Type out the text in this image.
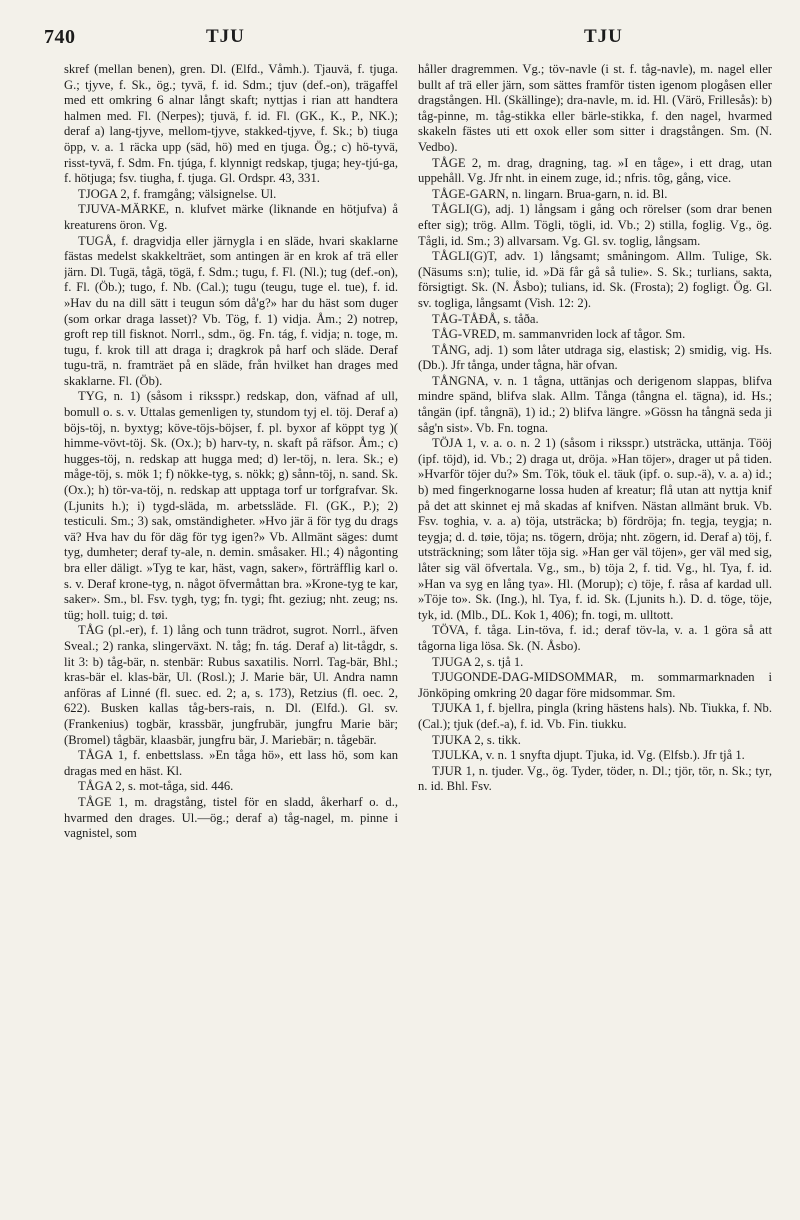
740	TJU	TJU

skref (mellan benen), gren. Dl. (Elfd., Våmh.). Tjauvä, f. tjuga. G.; tjyve, f. Sk., ög.; tyvä, f. id. Sdm.; tjuv (def.-on), trägaffel med ett omkring 6 alnar långt skaft; nyttjas i rian att handtera halmen med. Fl. (Nerpes); tjuvä, f. id. Fl. (GK., K., P., NK.); deraf a) lang-tjyve, mellom-tjyve, stakked-tjyve, f. Sk.; b) tiuga öpp, v. a. 1 räcka upp (säd, hö) med en tjuga. Ög.; c) hö-tyvä, risst-tyvä, f. Sdm. Fn. tjúga, f. klynnigt redskap, tjuga; hey-tjú-ga, f. hötjuga; fsv. tiugha, f. tjuga. Gl. Ordspr. 43, 331.

TJOGA 2, f. framgång; välsignelse. Ul.

TJUVA-MÄRKE, n. klufvet märke (liknande en hötjufva) å kreaturens öron. Vg.

TUGÅ, f. dragvidja eller järnygla i en släde, hvari skaklarne fästas medelst skakkelträet, som antingen är en krok af trä eller järn. Dl. Tugä, tågä, tögä, f. Sdm.; tugu, f. Fl. (Nl.); tug (def.-on), f. Fl. (Öb.); tugo, f. Nb. (Cal.); tugu (teugu, tuge el. tue), f. id. »Hav du na dill sätt i teugun sóm då'g?» har du häst som duger (som orkar draga lasset)? Vb. Tög, f. 1) vidja. Åm.; 2) notrep, groft rep till fisknot. Norrl., sdm., ög. Fn. tág, f. vidja; n. toge, m. tugu, f. krok till att draga i; dragkrok på harf och släde. Deraf tugu-trä, n. framträet på en släde, från hvilket han drages med skaklarne. Fl. (Öb).

TYG, n. 1) (såsom i riksspr.) redskap, don, väfnad af ull, bomull o. s. v. Uttalas gemenligen ty, stundom tyj el. töj. Deraf a) böjs-töj, n. byxtyg; köve-töjs-böjser, f. pl. byxor af köppt tyg )( himme-vövt-töj. Sk. (Ox.); b) harv-ty, n. skaft på räfsor. Åm.; c) hugges-töj, n. redskap att hugga med; d) ler-töj, n. lera. Sk.; e) måge-töj, s. mök 1; f) nökke-tyg, s. nökk; g) sånn-töj, n. sand. Sk. (Ox.); h) tör-va-töj, n. redskap att upptaga torf ur torfgrafvar. Sk. (Ljunits h.); i) tygd-släda, m. arbetssläde. Fl. (GK., P.); 2) testiculi. Sm.; 3) sak, omständigheter. »Hvo jär ä för tyg du drags vä? Hva hav du för däg för tyg igen?» Vb. Allmänt säges: dumt tyg, dumheter; deraf ty-ale, n. demin. småsaker. Hl.; 4) någonting bra eller däligt. »Tyg te kar, häst, vagn, saker», förträfflig karl o. s. v. Deraf krone-tyg, n. något öfvermåttan bra. »Krone-tyg te kar, saker». Sm., bl. Fsv. tygh, tyg; fn. tygi; fht. geziug; nht. zeug; ns. tüg; holl. tuig; d. tøi.

TÅG (pl.-er), f. 1) lång och tunn trädrot, sugrot. Norrl., äfven Sveal.; 2) ranka, slingerväxt. N. tåg; fn. tág. Deraf a) lit-tågdr, s. lit 3: b) tåg-bär, n. stenbär: Rubus saxatilis. Norrl. Tag-bär, Bhl.; kras-bär el. klas-bär, Ul. (Rosl.); J. Marie bär, Ul. Andra namn anföras af Linné (fl. suec. ed. 2; a, s. 173), Retzius (fl. oec. 2, 622). Busken kallas tåg-bers-rais, n. Dl. (Elfd.). Gl. sv. (Frankenius) togbär, krassbär, jungfrubär, jungfru Marie bär; (Bromel) tågbär, klaasbär, jungfru bär, J. Mariebär; n. tågebär.

TÅGA 1, f. enbettslass. »En tåga hö», ett lass hö, som kan dragas med en häst. Kl.

TÅGA 2, s. mot-tåga, sid. 446.

TÅGE 1, m. dragstång, tistel för en sladd, åkerharf o. d., hvarmed den drages. Ul.—ög.; deraf a) tåg-nagel, m. pinne i vagnistel, som

håller dragremmen. Vg.; töv-navle (i st. f. tåg-navle), m. nagel eller bullt af trä eller järn, som sättes framför tisten igenom plogåsen eller dragstången. Hl. (Skällinge); dra-navle, m. id. Hl. (Värö, Frillesås): b) tåg-pinne, m. tåg-stikka eller bärle-stikka, f. den nagel, hvarmed skakeln fästes uti ett oxok eller som sitter i dragstången. Sm. (N. Vedbo).

TÅGE 2, m. drag, dragning, tag. »I en tåge», i ett drag, utan uppehåll. Vg. Jfr nht. in einem zuge, id.; nfris. tôg, gång, vice.

TÅGE-GARN, n. lingarn. Brua-garn, n. id. Bl.

TÅGLI(G), adj. 1) långsam i gång och rörelser (som drar benen efter sig); trög. Allm. Tögli, tögli, id. Vb.; 2) stilla, foglig. Vg., ög. Tågli, id. Sm.; 3) allvarsam. Vg. Gl. sv. toglig, långsam.

TÅGLI(G)T, adv. 1) långsamt; småningom. Allm. Tulige, Sk. (Näsums s:n); tulie, id. »Dä får gå så tulie». S. Sk.; turlians, sakta, försigtigt. Sk. (N. Åsbo); tulians, id. Sk. (Frosta); 2) fogligt. Ög. Gl. sv. togliga, långsamt (Vish. 12: 2).

TÅG-TÅÐÅ, s. tåða.

TÅG-VRED, m. sammanvriden lock af tågor. Sm.

TÅNG, adj. 1) som låter utdraga sig, elastisk; 2) smidig, vig. Hs. (Db.). Jfr tånga, under tågna, här ofvan.

TÅNGNA, v. n. 1 tågna, uttänjas och derigenom slappas, blifva mindre spänd, blifva slak. Allm. Tånga (tångna el. tägna), id. Hs.; tångän (ipf. tångnä), 1) id.; 2) blifva längre. »Gössn ha tångnä seda ji såg'n sist». Vb. Fn. togna.

TÖJA 1, v. a. o. n. 2 1) (såsom i riksspr.) utsträcka, uttänja. Tööj (ipf. töjd), id. Vb.; 2) draga ut, dröja. »Han töjer», drager ut på tiden. »Hvarför töjer du?» Sm. Tök, töuk el. täuk (ipf. o. sup.-ä), v. a. a) id.; b) med fingerknogarne lossa huden af kreatur; flå utan att nyttja knif på det att skinnet ej må skadas af knifven. Nästan allmänt bruk. Vb. Fsv. toghia, v. a. a) töja, utsträcka; b) fördröja; fn. tegja, teygja; n. teygja; d. d. tøie, töja; ns. tögern, dröja; nht. zögern, id. Deraf a) töj, f. utsträckning; som låter töja sig. »Han ger väl töjen», ger väl med sig, låter sig väl öfvertala. Vg., sm., b) töja 2, f. tid. Vg., hl. Tya, f. id. »Han va syg en lång tya». Hl. (Morup); c) töje, f. råsa af kardad ull. »Töje to». Sk. (Ing.), hl. Tya, f. id. Sk. (Ljunits h.). D. d. töge, töje, tyk, id. (Mlb., DL. Kok 1, 406); fn. togi, m. ulltott.

TÖVA, f. tåga. Lin-töva, f. id.; deraf töv-la, v. a. 1 göra så att tågorna liga lösa. Sk. (N. Åsbo).

TJUGA 2, s. tjå 1.

TJUGONDE-DAG-MIDSOMMAR, m. sommarmarknaden i Jönköping omkring 20 dagar före midsommar. Sm.

TJUKA 1, f. bjellra, pingla (kring hästens hals). Nb. Tiukka, f. Nb. (Cal.); tjuk (def.-a), f. id. Vb. Fin. tiukku.

TJUKA 2, s. tikk.

TJULKA, v. n. 1 snyfta djupt. Tjuka, id. Vg. (Elfsb.). Jfr tjå 1.

TJUR 1, n. tjuder. Vg., ög. Tyder, töder, n. Dl.; tjör, tör, n. Sk.; tyr, n. id. Bhl. Fsv.
